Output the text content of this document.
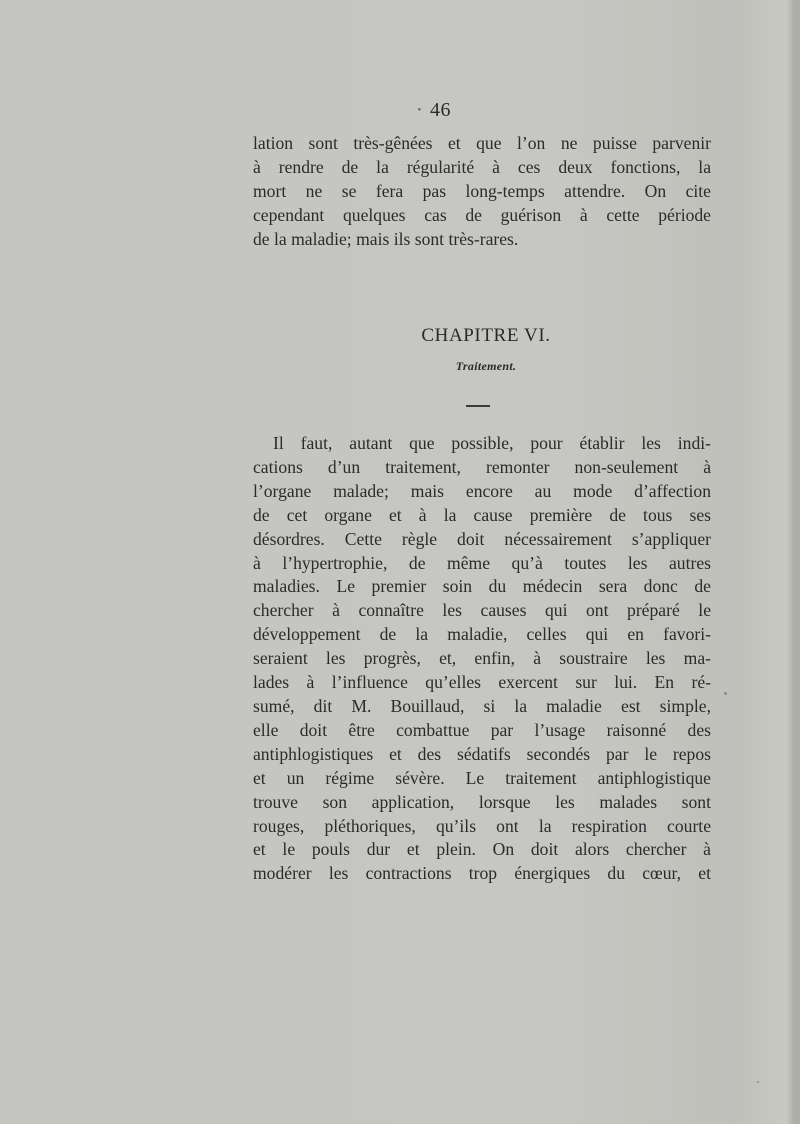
· 46
lation sont très-gênées et que l’on ne puisse parvenir
à rendre de la régularité à ces deux fonctions, la
mort ne se fera pas long-temps attendre. On cite
cependant quelques cas de guérison à cette période
de la maladie; mais ils sont très-rares.
CHAPITRE VI.
Traitement.
Il faut, autant que possible, pour établir les indi-
cations d’un traitement, remonter non-seulement à
l’organe malade; mais encore au mode d’affection
de cet organe et à la cause première de tous ses
désordres. Cette règle doit nécessairement s’appliquer
à l’hypertrophie, de même qu’à toutes les autres
maladies. Le premier soin du médecin sera donc de
chercher à connaître les causes qui ont préparé le
développement de la maladie, celles qui en favori-
seraient les progrès, et, enfin, à soustraire les ma-
lades à l’influence qu’elles exercent sur lui. En ré-
sumé, dit M. Bouillaud, si la maladie est simple,
elle doit être combattue par l’usage raisonné des
antiphlogistiques et des sédatifs secondés par le repos
et un régime sévère. Le traitement antiphlogistique
trouve son application, lorsque les malades sont
rouges, pléthoriques, qu’ils ont la respiration courte
et le pouls dur et plein. On doit alors chercher à
modérer les contractions trop énergiques du cœur, et
